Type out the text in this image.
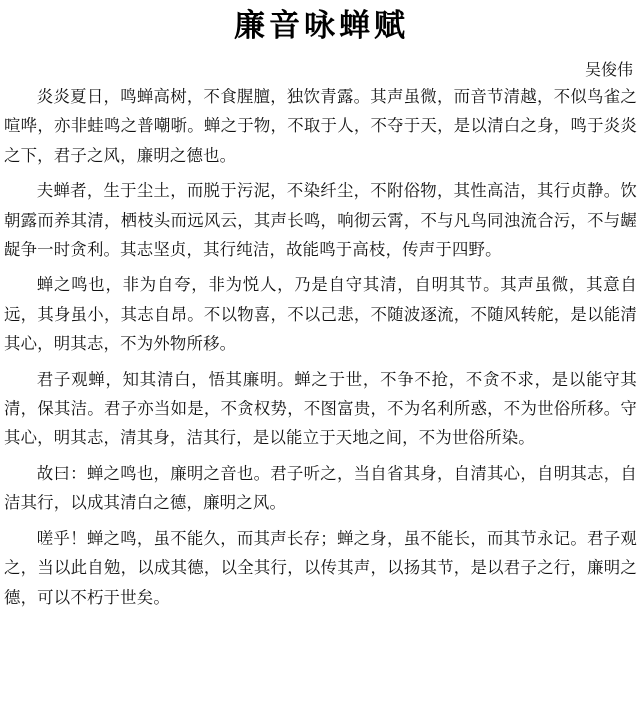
廉音咏蝉赋
吴俊伟

炎炎夏日，鸣蝉高树，不食腥膻，独饮青露。其声虽微，而音节清越，不似鸟雀之喧哗，亦非蛙鸣之普嘲哳。蝉之于物，不取于人，不夺于天，是以清白之身，鸣于炎炎之下，君子之风，廉明之德也。

夫蝉者，生于尘土，而脱于污泥，不染纤尘，不附俗物，其性高洁，其行贞静。饮朝露而养其清，栖枝头而远风云，其声长鸣，响彻云霄，不与凡鸟同浊流合污，不与龌龊争一时贪利。其志坚贞，其行纯洁，故能鸣于高枝，传声于四野。

蝉之鸣也，非为自夸，非为悦人，乃是自守其清，自明其节。其声虽微，其意自远，其身虽小，其志自昂。不以物喜，不以己悲，不随波逐流，不随风转舵，是以能清其心，明其志，不为外物所移。

君子观蝉，知其清白，悟其廉明。蝉之于世，不争不抢，不贪不求，是以能守其清，保其洁。君子亦当如是，不贪权势，不图富贵，不为名利所惑，不为世俗所移。守其心，明其志，清其身，洁其行，是以能立于天地之间，不为世俗所染。

故曰：蝉之鸣也，廉明之音也。君子听之，当自省其身，自清其心，自明其志，自洁其行，以成其清白之德，廉明之风。

嗟乎！蝉之鸣，虽不能久，而其声长存；蝉之身，虽不能长，而其节永记。君子观之，当以此自勉，以成其德，以全其行，以传其声，以扬其节，是以君子之行，廉明之德，可以不朽于世矣。
